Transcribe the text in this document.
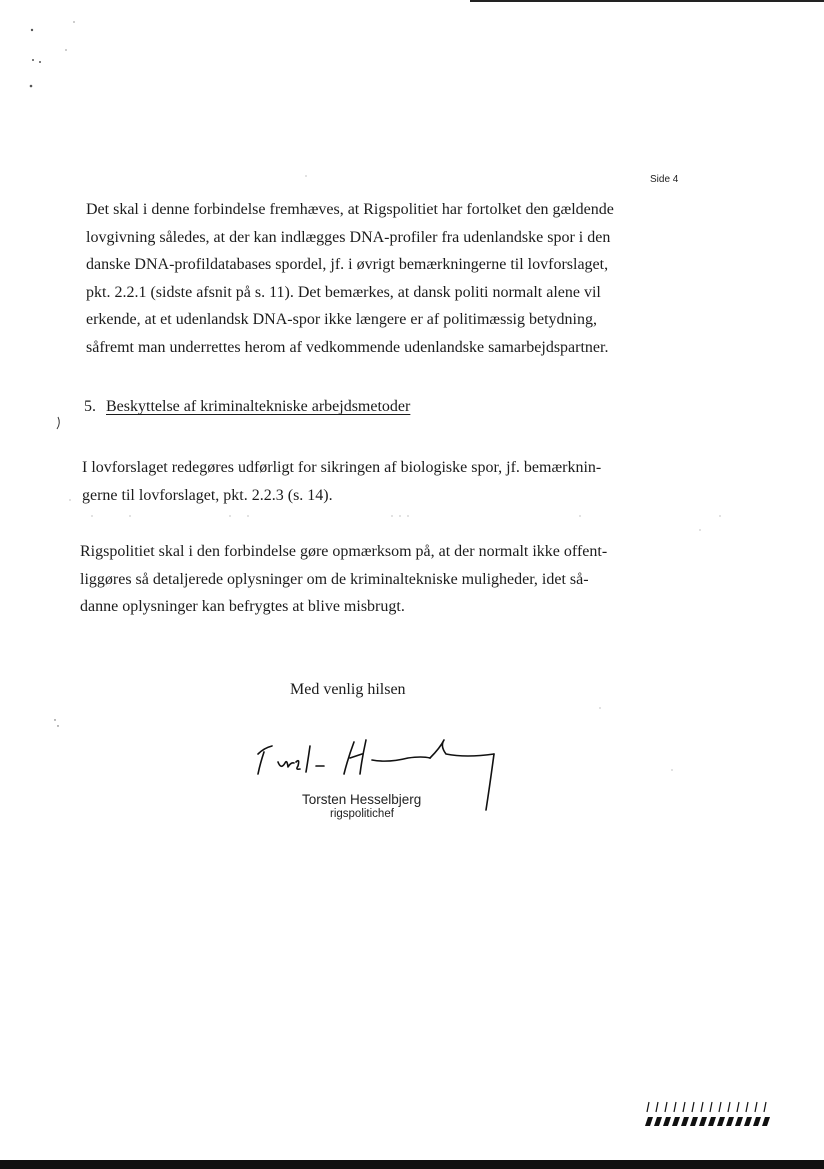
Side 4
Det skal i denne forbindelse fremhæves, at Rigspolitiet har fortolket den gældende
lovgivning således, at der kan indlægges DNA-profiler fra udenlandske spor i den
danske DNA-profildatabases spordel, jf. i øvrigt bemærkningerne til lovforslaget,
pkt. 2.2.1 (sidste afsnit på s. 11). Det bemærkes, at dansk politi normalt alene vil
erkende, at et udenlandsk DNA-spor ikke længere er af politimæssig betydning,
såfremt man underrettes herom af vedkommende udenlandske samarbejdspartner.
5. Beskyttelse af kriminaltekniske arbejdsmetoder
I lovforslaget redegøres udførligt for sikringen af biologiske spor, jf. bemærknin-
gerne til lovforslaget, pkt. 2.2.3 (s. 14).
Rigspolitiet skal i den forbindelse gøre opmærksom på, at der normalt ikke offent-
liggøres så detaljerede oplysninger om de kriminaltekniske muligheder, idet så-
danne oplysninger kan befrygtes at blive misbrugt.
Med venlig hilsen
Torsten Hesselbjerg
rigspolitichef
